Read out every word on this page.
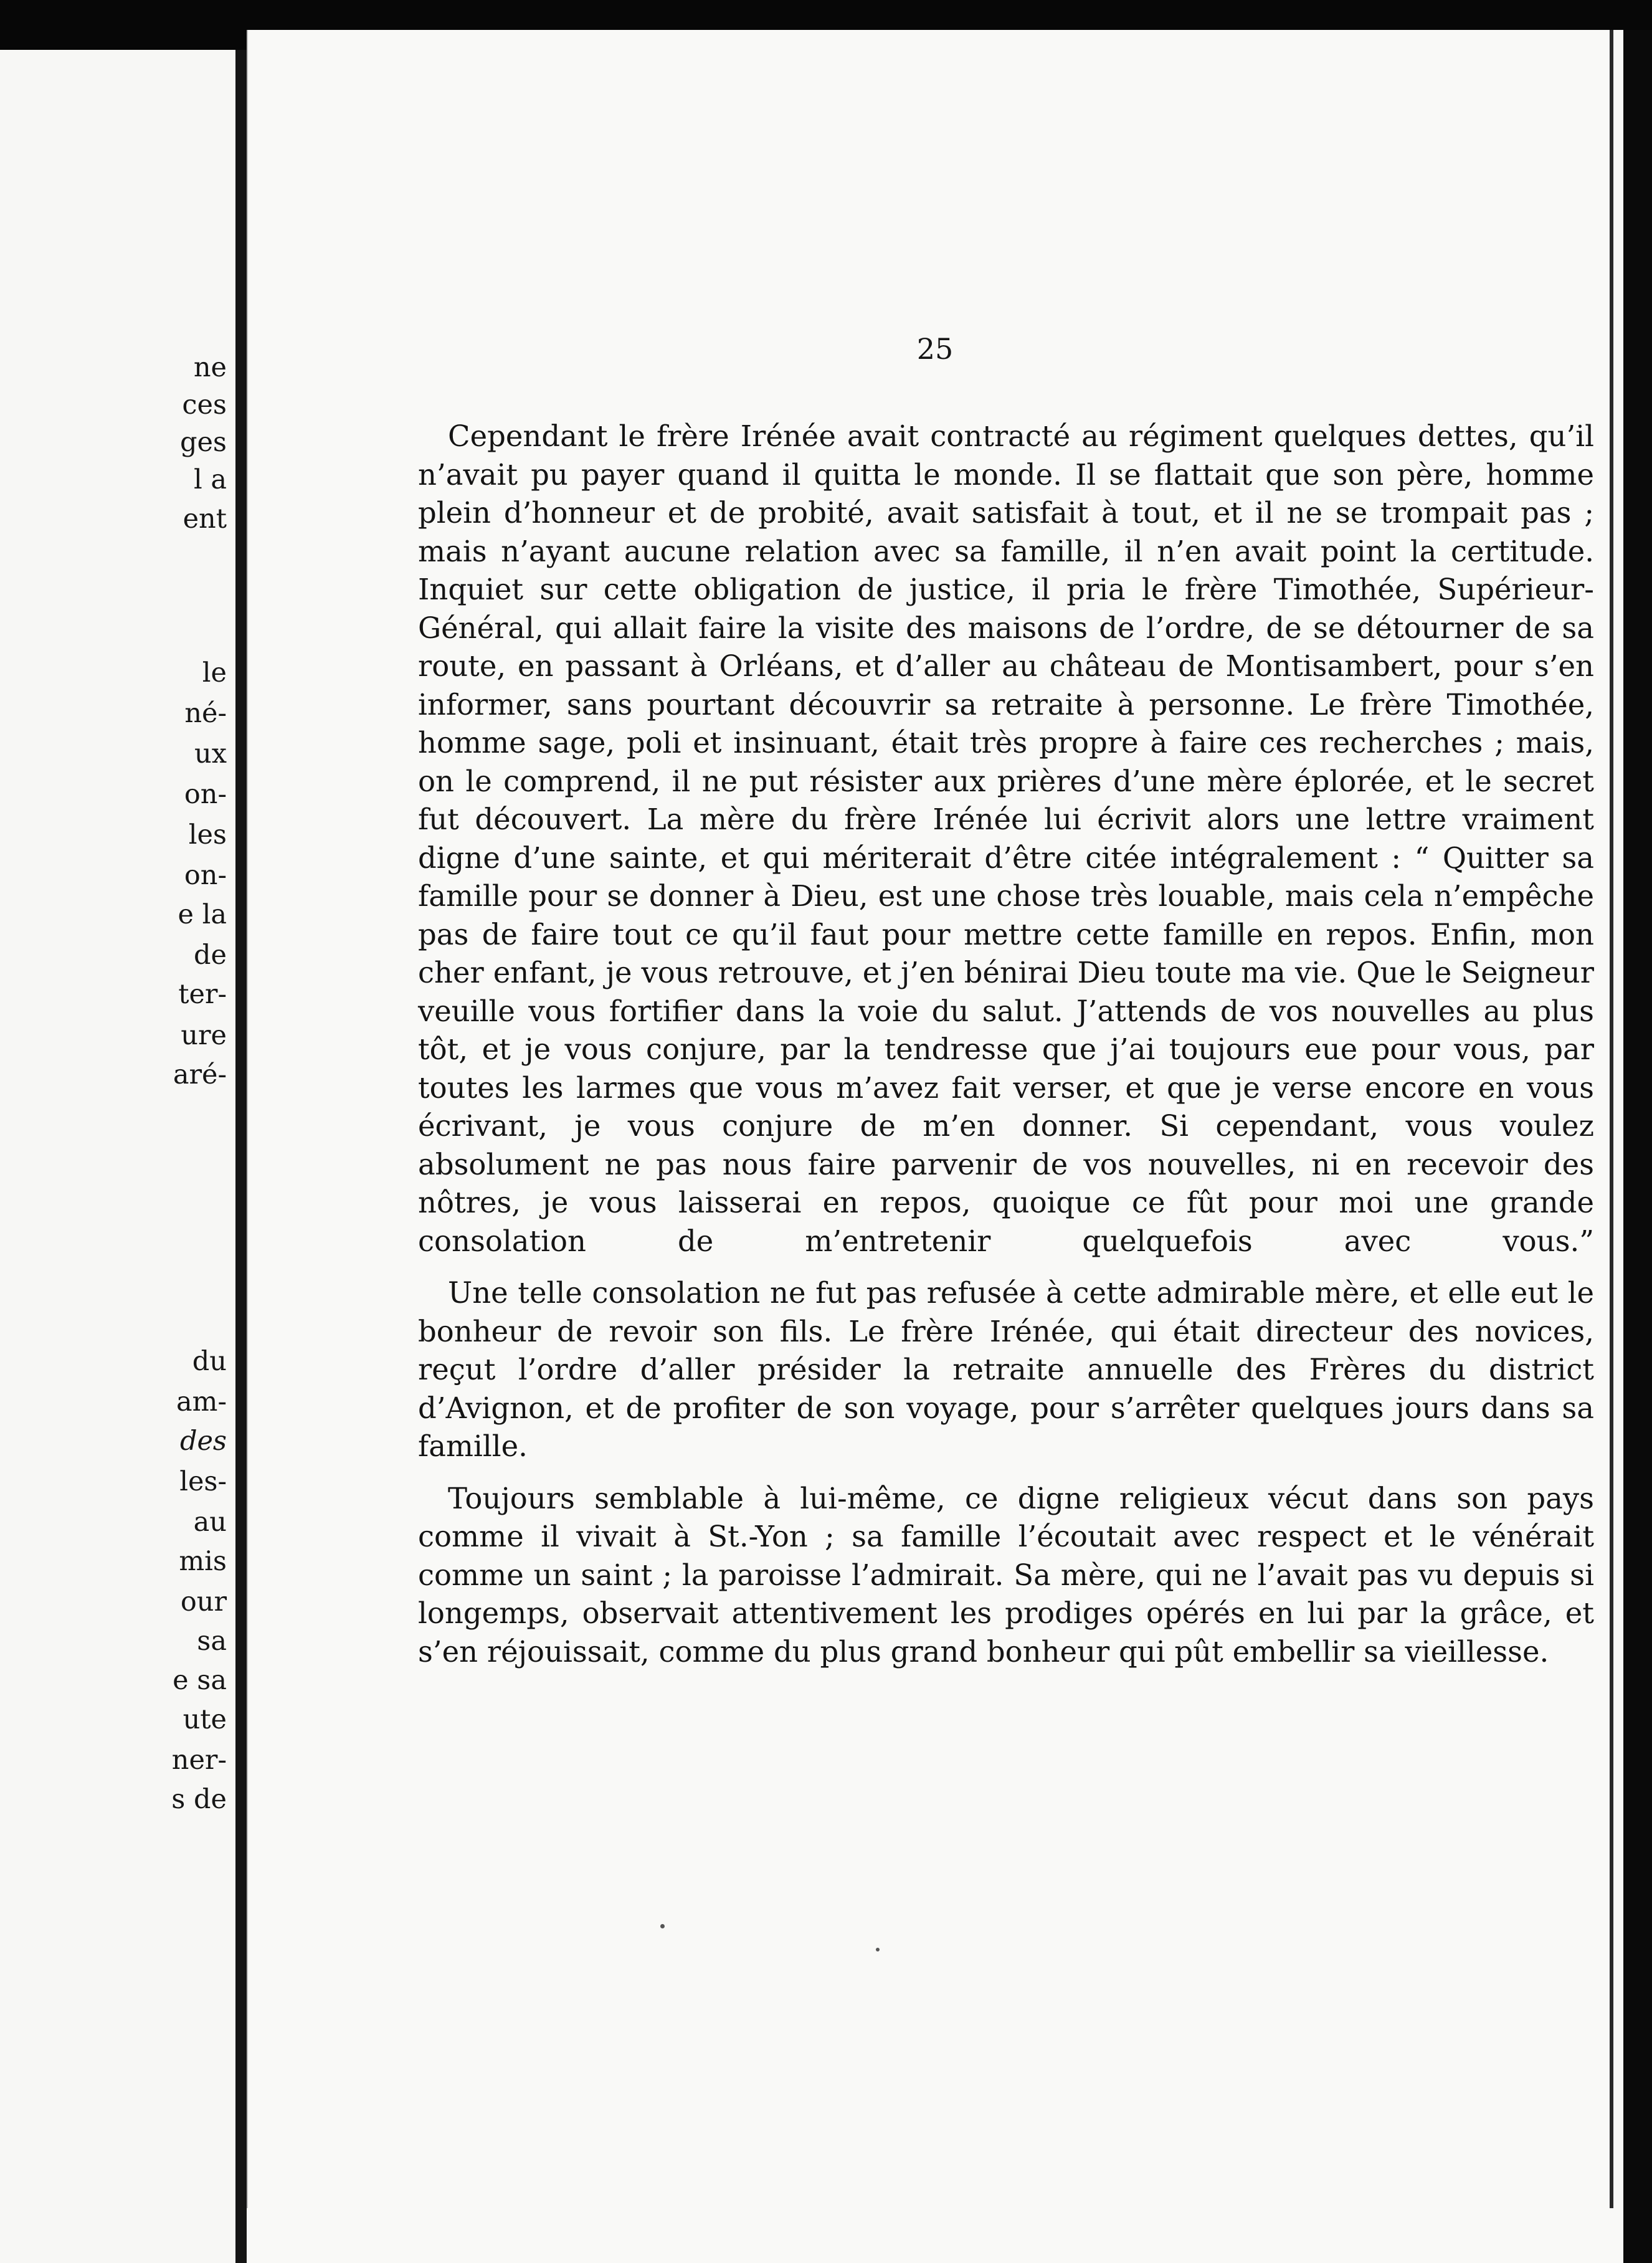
ne
ces
ges
l a
ent
le
né-
ux
on-
les
on-
e la
de
ter-
ure
aré-
du
am-
des
les-
au
mis
our
sa
e sa
ute
ner-
s de
25

Cependant le frère Irénée avait contracté au régiment quelques dettes, qu’il n’avait pu payer quand il quitta le monde. Il se flattait que son père, homme plein d’honneur et de probité, avait satisfait à tout, et il ne se trompait pas ; mais n’ayant aucune relation avec sa famille, il n’en avait point la certitude. Inquiet sur cette obligation de justice, il pria le frère Timothée, Supérieur-Général, qui allait faire la visite des maisons de l’ordre, de se détourner de sa route, en passant à Orléans, et d’aller au château de Montisambert, pour s’en informer, sans pourtant découvrir sa retraite à personne. Le frère Timothée, homme sage, poli et insinuant, était très propre à faire ces recherches ; mais, on le comprend, il ne put résister aux prières d’une mère éplorée, et le secret fut découvert. La mère du frère Irénée lui écrivit alors une lettre vraiment digne d’une sainte, et qui mériterait d’être citée intégralement : “ Quitter sa famille pour se donner à Dieu, est une chose très louable, mais cela n’empêche pas de faire tout ce qu’il faut pour mettre cette famille en repos. Enfin, mon cher enfant, je vous retrouve, et j’en bénirai Dieu toute ma vie. Que le Seigneur veuille vous fortifier dans la voie du salut. J’attends de vos nouvelles au plus tôt, et je vous conjure, par la tendresse que j’ai toujours eue pour vous, par toutes les larmes que vous m’avez fait verser, et que je verse encore en vous écrivant, je vous conjure de m’en donner. Si cependant, vous voulez absolument ne pas nous faire parvenir de vos nouvelles, ni en recevoir des nôtres, je vous laisserai en repos, quoique ce fût pour moi une grande consolation de m’entretenir quelquefois avec vous.”

Une telle consolation ne fut pas refusée à cette admirable mère, et elle eut le bonheur de revoir son fils. Le frère Irénée, qui était directeur des novices, reçut l’ordre d’aller présider la retraite annuelle des Frères du district d’Avignon, et de profiter de son voyage, pour s’arrêter quelques jours dans sa famille.

Toujours semblable à lui-même, ce digne religieux vécut dans son pays comme il vivait à St.-Yon ; sa famille l’écoutait avec respect et le vénérait comme un saint ; la paroisse l’admirait. Sa mère, qui ne l’avait pas vu depuis si longemps, observait attentivement les prodiges opérés en lui par la grâce, et s’en réjouissait, comme du plus grand bonheur qui pût embellir sa vieillesse.
